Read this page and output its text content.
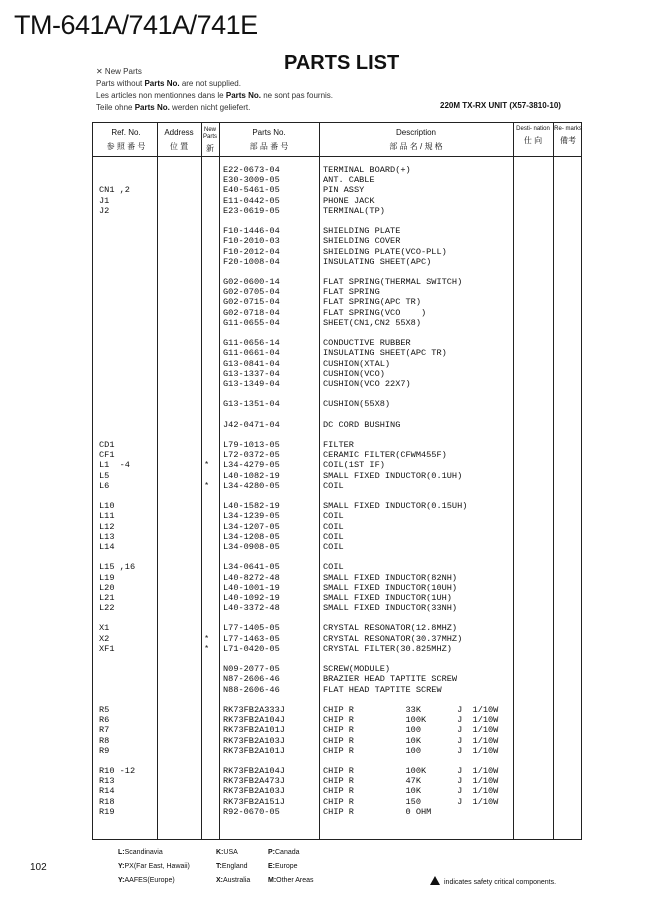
TM-641A/741A/741E
PARTS LIST
✕ New Parts
Parts without Parts No. are not supplied.
Les articles non mentionnes dans le Parts No. ne sont pas fournis.
Teile ohne Parts No. werden nicht geliefert.	220M TX-RX UNIT (X57-3810-10)
Ref. No.
参 照 番 号
Address
位 置
New Parts
新
Parts No.
部 品 番 号
Description
部 品 名 / 規 格
Desti- nation
仕 向
Re- marks
備考
E22-0673-04	TERMINAL BOARD(+)
E30-3009-05	ANT. CABLE
CN1 ,2	E40-5461-05	PIN ASSY
J1	E11-0442-05	PHONE JACK
J2	E23-0619-05	TERMINAL(TP)
F10-1446-04	SHIELDING PLATE
F10-2010-03	SHIELDING COVER
F10-2012-04	SHIELDING PLATE(VCO-PLL)
F20-1008-04	INSULATING SHEET(APC)
G02-0600-14	FLAT SPRING(THERMAL SWITCH)
G02-0705-04	FLAT SPRING
G02-0715-04	FLAT SPRING(APC TR)
G02-0718-04	FLAT SPRING(VCO    )
G11-0655-04	SHEET(CN1,CN2 55X8)
G11-0656-14	CONDUCTIVE RUBBER
G11-0661-04	INSULATING SHEET(APC TR)
G13-0841-04	CUSHION(XTAL)
G13-1337-04	CUSHION(VCO)
G13-1349-04	CUSHION(VCO 22X7)
G13-1351-04	CUSHION(55X8)
J42-0471-04	DC CORD BUSHING
CD1	L79-1013-05	FILTER
CF1	L72-0372-05	CERAMIC FILTER(CFWM455F)
L1  -4	* L34-4279-05	COIL(1ST IF)
L5	L40-1082-19	SMALL FIXED INDUCTOR(0.1UH)
L6	* L34-4280-05	COIL
L10	L40-1582-19	SMALL FIXED INDUCTOR(0.15UH)
L11	L34-1239-05	COIL
L12	L34-1207-05	COIL
L13	L34-1208-05	COIL
L14	L34-0908-05	COIL
L15 ,16	L34-0641-05	COIL
L19	L40-8272-48	SMALL FIXED INDUCTOR(82NH)
L20	L40-1001-19	SMALL FIXED INDUCTOR(10UH)
L21	L40-1092-19	SMALL FIXED INDUCTOR(1UH)
L22	L40-3372-48	SMALL FIXED INDUCTOR(33NH)
X1	L77-1405-05	CRYSTAL RESONATOR(12.8MHZ)
X2	* L77-1463-05	CRYSTAL RESONATOR(30.37MHZ)
XF1	* L71-0420-05	CRYSTAL FILTER(30.825MHZ)
N09-2077-05	SCREW(MODULE)
N87-2606-46	BRAZIER HEAD TAPTITE SCREW
N88-2606-46	FLAT HEAD TAPTITE SCREW
R5	RK73FB2A333J	CHIP R          33K       J  1/10W
R6	RK73FB2A104J	CHIP R          100K      J  1/10W
R7	RK73FB2A101J	CHIP R          100       J  1/10W
R8	RK73FB2A103J	CHIP R          10K       J  1/10W
R9	RK73FB2A101J	CHIP R          100       J  1/10W
R10 -12	RK73FB2A104J	CHIP R          100K      J  1/10W
R13	RK73FB2A473J	CHIP R          47K       J  1/10W
R14	RK73FB2A103J	CHIP R          10K       J  1/10W
R18	RK73FB2A151J	CHIP R          150       J  1/10W
R19	R92-0670-05	CHIP R          0 OHM
102
L:Scandinavia
Y:PX(Far East, Hawaii)
Y:AAFES(Europe)
K:USA
T:England
X:Australia
P:Canada
E:Europe
M:Other Areas	indicates safety critical components.
